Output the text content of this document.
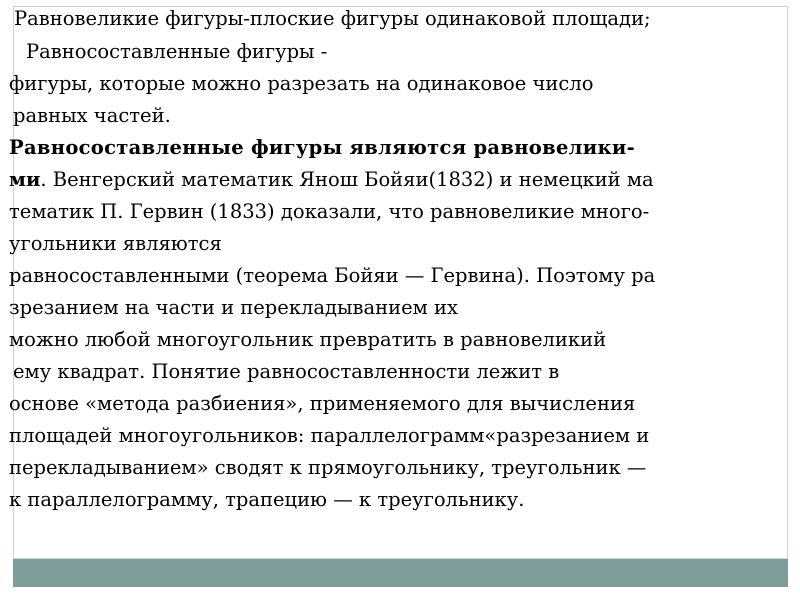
Равновеликие фигуры-плоские фигуры одинаковой площади;
Равносоставленные фигуры -
фигуры, которые можно разрезать на одинаковое число
равных частей.
Равносоставленные фигуры являются равновелики-
ми. Венгерский математик Янош Бойяи(1832) и немецкий ма
тематик П. Гервин (1833) доказали, что равновеликие много-
угольники являются
равносоставленными (теорема Бойяи — Гервина). Поэтому ра
зрезанием на части и перекладыванием их
можно любой многоугольник превратить в равновеликий
ему квадрат. Понятие равносоставленности лежит в
основе «метода разбиения», применяемого для вычисления
площадей многоугольников: параллелограмм«разрезанием и
перекладыванием» сводят к прямоугольнику, треугольник —
к параллелограмму, трапецию — к треугольнику.
